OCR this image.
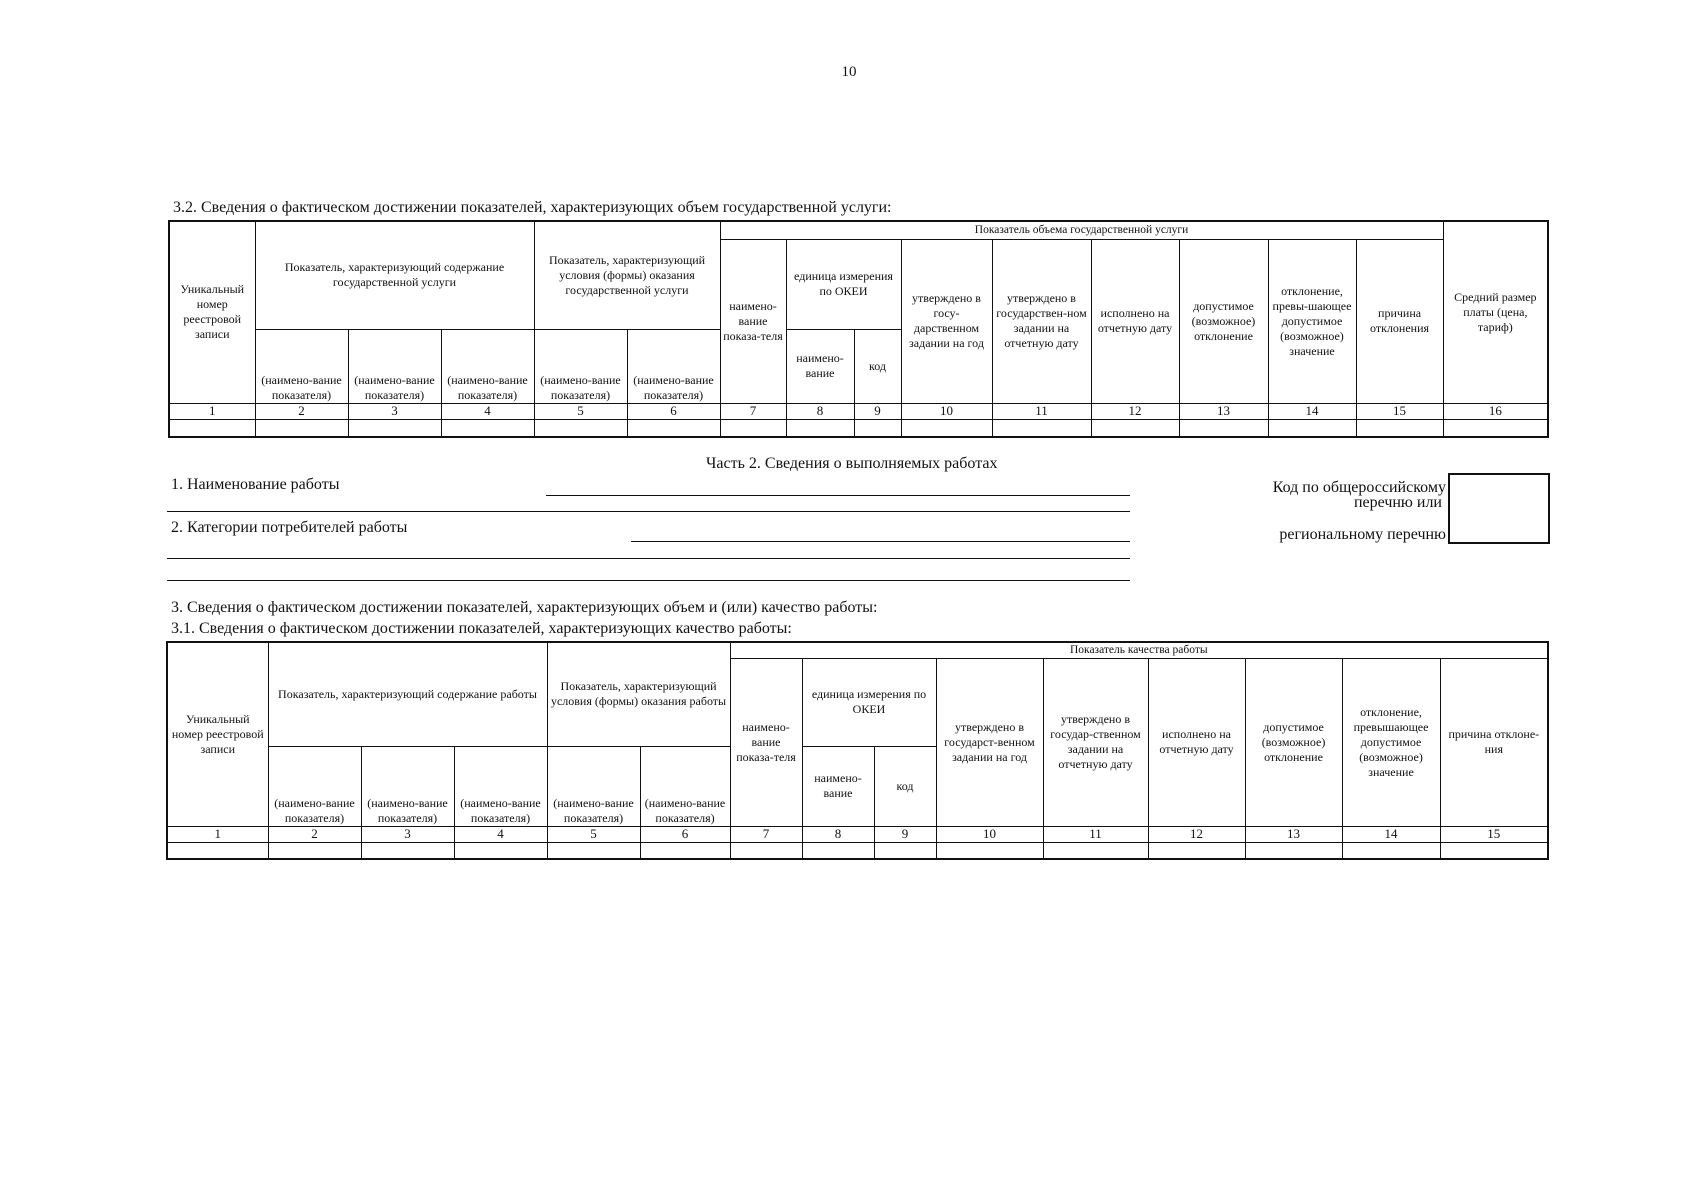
10
3.2. Сведения о фактическом достижении показателей, характеризующих объем государственной услуги:
Уникальный номер реестровой записи	Показатель, характеризующий содержание государственной услуги			Показатель, характеризующий условия (формы) оказания государственной услуги		Показатель объема государственной услуги									Средний размер платы (цена, тариф)
						наимено-вание показа-теля	единица измерения по ОКЕИ		утверждено в госу-дарственном задании на год	утверждено в государствен-ном задании на отчетную дату	исполнено на отчетную дату	допустимое (возможное) отклонение	отклонение, превы-шающее допустимое (возможное) значение	причина отклонения	
	(наимено-вание показателя)	(наимено-вание показателя)	(наимено-вание показателя)	(наимено-вание показателя)	(наимено-вание показателя)		наимено-вание	код							
1	2	3	4	5	6	7	8	9	10	11	12	13	14	15	16

Часть 2. Сведения о выполняемых работах
1. Наименование работы
2. Категории потребителей работы
Код по общероссийскому
перечню или
региональному перечню
3. Сведения о фактическом достижении показателей, характеризующих объем и (или) качество работы:
3.1. Сведения о фактическом достижении показателей, характеризующих качество работы:
Уникальный номер реестровой записи	Показатель, характеризующий содержание работы			Показатель, характеризующий условия (формы) оказания работы		Показатель качества работы								
						наимено-вание показа-теля	единица измерения по ОКЕИ		утверждено в государст-венном задании на год	утверждено в государ-ственном задании на отчетную дату	исполнено на отчетную дату	допустимое (возможное) отклонение	отклонение, превышающее допустимое (возможное) значение	причина отклоне-ния
	(наимено-вание показателя)	(наимено-вание показателя)	(наимено-вание показателя)	(наимено-вание показателя)	(наимено-вание показателя)		наимено-вание	код						
1	2	3	4	5	6	7	8	9	10	11	12	13	14	15
